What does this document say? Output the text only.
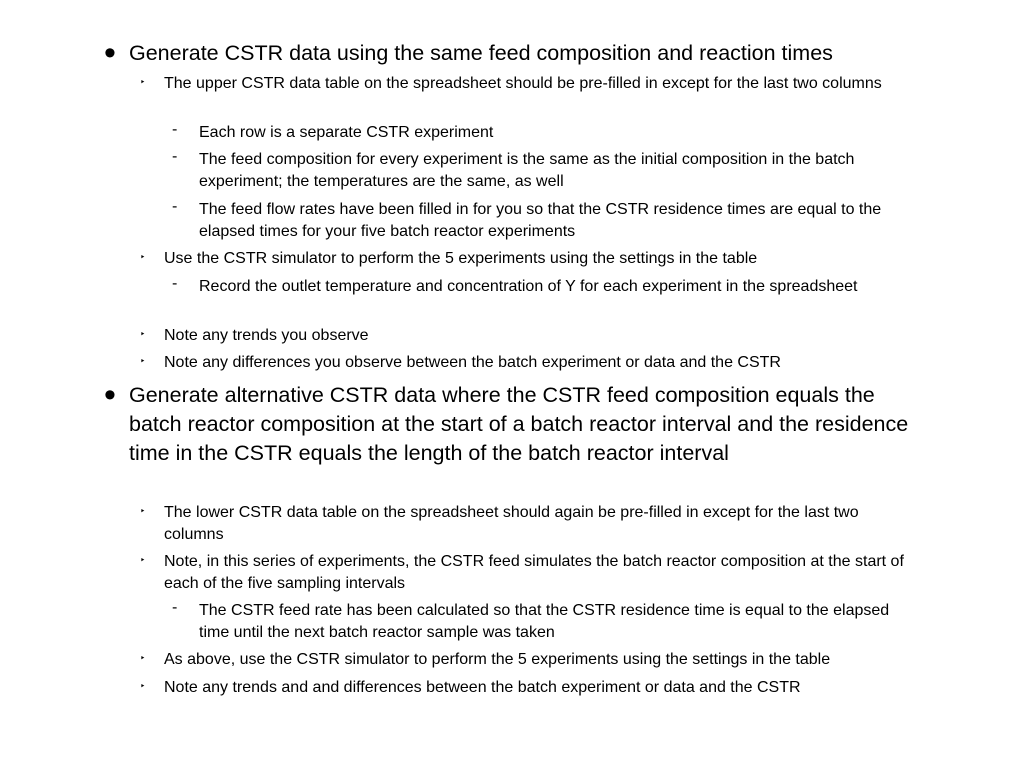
• Generate CSTR data using the same feed composition and reaction times
‣ The upper CSTR data table on the spreadsheet should be pre-filled in except for the last two columns
- Each row is a separate CSTR experiment
- The feed composition for every experiment is the same as the initial composition in the batch experiment; the temperatures are the same, as well
- The feed flow rates have been filled in for you so that the CSTR residence times are equal to the elapsed times for your five batch reactor experiments
‣ Use the CSTR simulator to perform the 5 experiments using the settings in the table
- Record the outlet temperature and concentration of Y for each experiment in the spreadsheet
‣ Note any trends you observe
‣ Note any differences you observe between the batch experiment or data and the CSTR
• Generate alternative CSTR data where the CSTR feed composition equals the batch reactor composition at the start of a batch reactor interval and the residence time in the CSTR equals the length of the batch reactor interval
‣ The lower CSTR data table on the spreadsheet should again be pre-filled in except for the last two columns
‣ Note, in this series of experiments, the CSTR feed simulates the batch reactor composition at the start of each of the five sampling intervals
- The CSTR feed rate has been calculated so that the CSTR residence time is equal to the elapsed time until the next batch reactor sample was taken
‣ As above, use the CSTR simulator to perform the 5 experiments using the settings in the table
‣ Note any trends and and differences between the batch experiment or data and the CSTR
